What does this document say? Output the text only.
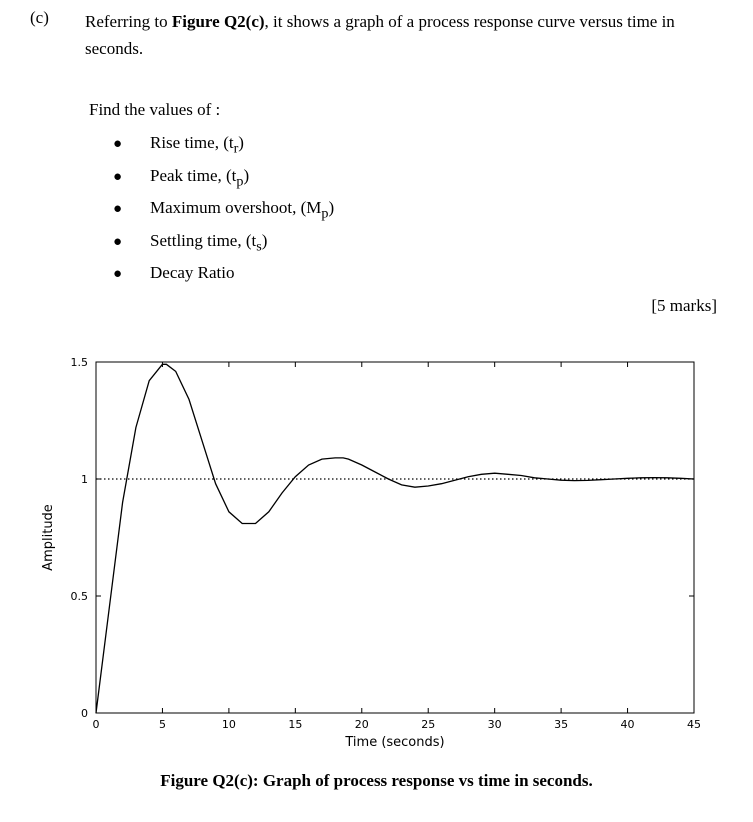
(c) Referring to Figure Q2(c), it shows a graph of a process response curve versus time in seconds.
Find the values of :
●	Rise time, $(t_r)$
●	Peak time, $(t_p)$
●	Maximum overshoot, $(M_p)$
●	Settling time, $(t_s)$
●	Decay Ratio
[5 marks]
0	5	10	15	20	25	30	35	40	45
0
0.5
1
1.5
Time (seconds)
Amplitude
Figure Q2(c): Graph of process response vs time in seconds.
